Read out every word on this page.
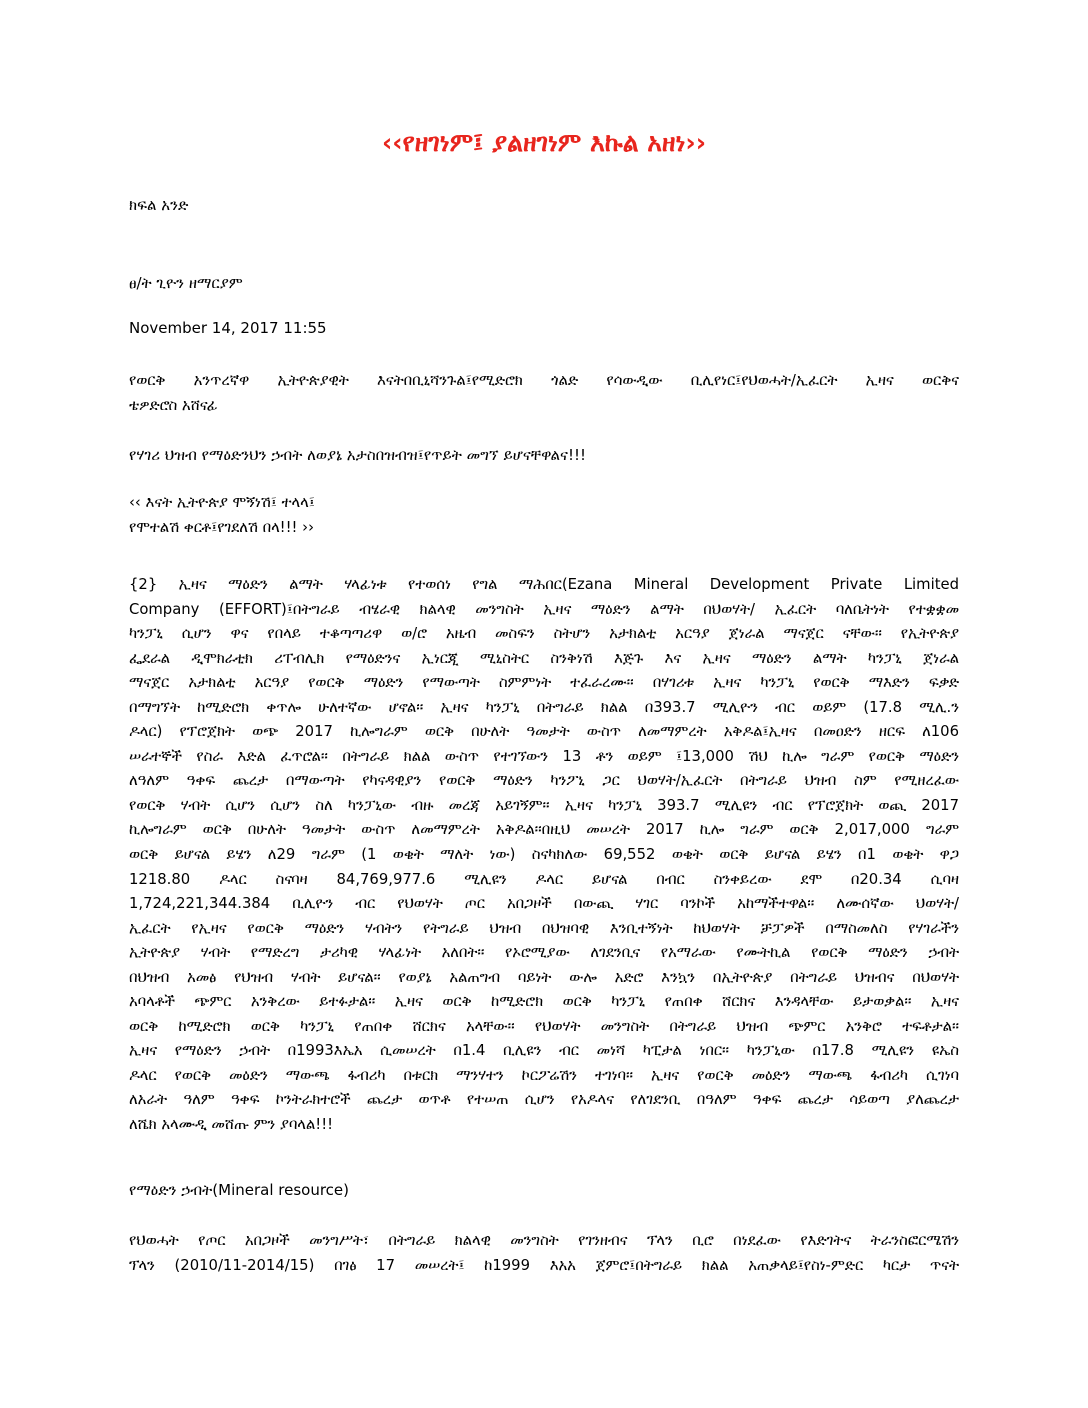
‹‹የዘገነም፤ ያልዘገነም እኩል አዘነ››
ክፍል አንድ
ፀ/ት ጊዮን ዘማርያም
November 14, 2017 11:55
የወርቅ አንጥረኛዋ ኢትዮጵያዊት እናትበቢኒሻንጉል፤የሚድሮክ ጎልድ የሳውዲው ቢሊየነር፤የህወሓት/ኢፈርት ኢዛና ወርቅና
ቴዎድሮስ አሸናፊ
የሃገሪ ህዝብ የማዕድንህን ኃብት ለወያኔ አታስበዝብዝ፤የጥይት መግኘ ይሆናቸዋልና!!!
‹‹ እናት ኢትዮጵያ ሞኝነሽ፤ ተላላ፤
የሞተልሽ ቀርቶ፤የገደለሽ በላ!!! ››
{2} ኢዛና ማዕድን ልማት ሃላፊነቱ የተወሰነ የግል ማሕበር(Ezana Mineral Development Private Limited
Company (EFFORT)፤በትግራይ ብሄራዊ ክልላዊ መንግስት ኢዛና ማዕድን ልማት በህወሃት/ ኢፈርት ባለቤትነት የተቋቋመ
ካንፓኒ ሲሆን ዋና የበላይ ተቆጣጣሪዋ ወ/ሮ አዜብ መስፍን ስትሆን አታክልቲ አርዓያ ጀነራል ማናጀር ናቸው፡፡ የኢትዮጵያ
ፌደራል ዲሞክራቲክ ሪፐብሊክ የማዕድንና ኢነርጂ ሚኒስትር ስንቅነሽ እጅጉ እና ኢዛና ማዕድን ልማት ካንፓኒ ጀነራል
ማናጀር አታክልቲ አርዓያ የወርቅ ማዕድን የማውጣት ስምምነት ተፈራረሙ፡፡ በሃገሪቱ ኢዛና ካንፓኒ የወርቅ ማእድን ፍቃድ
በማግኘት ከሚድሮክ ቀጥሎ ሁለተኛው ሆኖል፡፡ ኢዛና ካንፓኒ በትግራይ ክልል በ393.7 ሚሊዮን ብር ወይም (17.8 ሚሊ.ን
ዶላር) የፕሮጀክት ወጭ 2017 ኪሎግራም ወርቅ በሁለት ዓመታት ውስጥ ለመማምረት አቅዶል፤ኢዛና በመዐድን ዘርፍ ለ106
ሠራተኞች የስራ እድል ፈጥሮል፡፡ በትግራይ ክልል ውስጥ የተገኘውን 13 ቶን ወይም ፤13,000 ሽህ ኪሎ ግራም የወርቅ ማዕድን
ለዓለም ዓቀፍ ጨረታ በማውጣት የካናዳዊያን የወርቅ ማዕድን ካንፖኒ ጋር ህወሃት/ኢፈርት በትግራይ ህዝብ ስም የሚዘረፈው
የወርቅ ሃብት ሲሆን ሲሆን ስለ ካንፓኒው ብዙ መረጃ አይገኝም፡፡ ኢዛና ካንፓኒ 393.7 ሚሊዩን ብር የፕሮጀክት ወጪ 2017
ኪሎግራም ወርቅ በሁለት ዓመታት ውስጥ ለመማምረት አቅዶል፡፡በዚህ መሠረት 2017 ኪሎ ግራም ወርቅ 2,017,000 ግራም
ወርቅ ይሆናል ይሄን ለ29 ግራም (1 ወቄት ማለት ነው) ስናካክለው 69,552 ወቄት ወርቅ ይሆናል ይሄን በ1 ወቄት ዋጋ
1218.80 ዶላር ስናባዛ 84,769,977.6 ሚሊዩን ዶላር ይሆናል በብር ስንቀይረው ደሞ በ20.34 ሲባዛ
1,724,221,344.384 ቢሊዮን ብር የህወሃት ጦር አበጋዞች በውጪ ሃገር ባንኮች አከማችተዋል፡፡ ለሙሰኛው ህወሃት/
ኢፈርት የኢዛና የወርቅ ማዕድን ሃብትን የትግራይ ህዝብ በህዝባዊ እንቢተኝነት ከህወሃት ቻፓዎች በማስመለስ የሃገራችን
ኢትዮጵያ ሃብት የማድረግ ታሪካዊ ሃላፊነት አለበት፡፡ የኦሮሚያው ለገደንቢና የአማራው የሙትኪል የወርቅ ማዕድን ኃብት
በህዝብ አመፅ የህዝብ ሃብት ይሆናል፡፡ የወያኔ አልጠግብ ባይነት ውሎ አድሮ እንኳን በኢትዮጵያ በትግራይ ህዝብና በህወሃት
አባላቶች ጭምር አንቅረው ይተፉታል፡፡ ኢዛና ወርቅ ከሚድሮክ ወርቅ ካንፓኒ የጠበቀ ሸርክና እንዳላቸው ይታወቃል፡፡ ኢዛና
ወርቅ ከሚድሮክ ወርቅ ካንፓኒ የጠበቀ ሸርክና አላቸው፡፡ የህወሃት መንግስት በትግራይ ህዝብ ጭምር አንቅሮ ተፍቶታል፡፡
ኢዛና የማዕድን ኃብት በ1993እኤአ ሲመሠረት በ1.4 ቢሊዩን ብር መነሻ ካፒታል ነበር፡፡ ካንፓኒው በ17.8 ሚሊዩን ዩኤስ
ዶላር የወርቅ መዕድን ማውጫ ፋብሪካ በቱርክ ማንሃተን ኮርፖሬሽን ተገነባ፡፡ ኢዛና የወርቅ መዕድን ማውጫ ፋብሪካ ሲገነባ
ለአራት ዓለም ዓቀፍ ኮንትራክተሮች ጨረታ ወጥቶ የተሠጠ ሲሆን የአዶላና የለገደንቢ በዓለም ዓቀፍ ጨረታ ሳይወጣ ያለጨረታ
ለሼክ አላሙዲ መሸጡ ምን ያባላል!!!
የማዕድን ኃብት(Mineral resource)
የህወሓት የጦር አበጋዞች መንግሥት፣ በትግራይ ክልላዊ መንግስት የገንዘብና ፕላን ቢሮ በነደፈው የእድገትና ትራንስፎርሜሽን
ፕላን (2010/11-2014/15) በገፅ 17 መሠረት፤ ከ1999 እአአ ጀምሮ፤በትግራይ ክልል አጠቃላይ፤የስነ-ምድር ካርታ ጥናት
